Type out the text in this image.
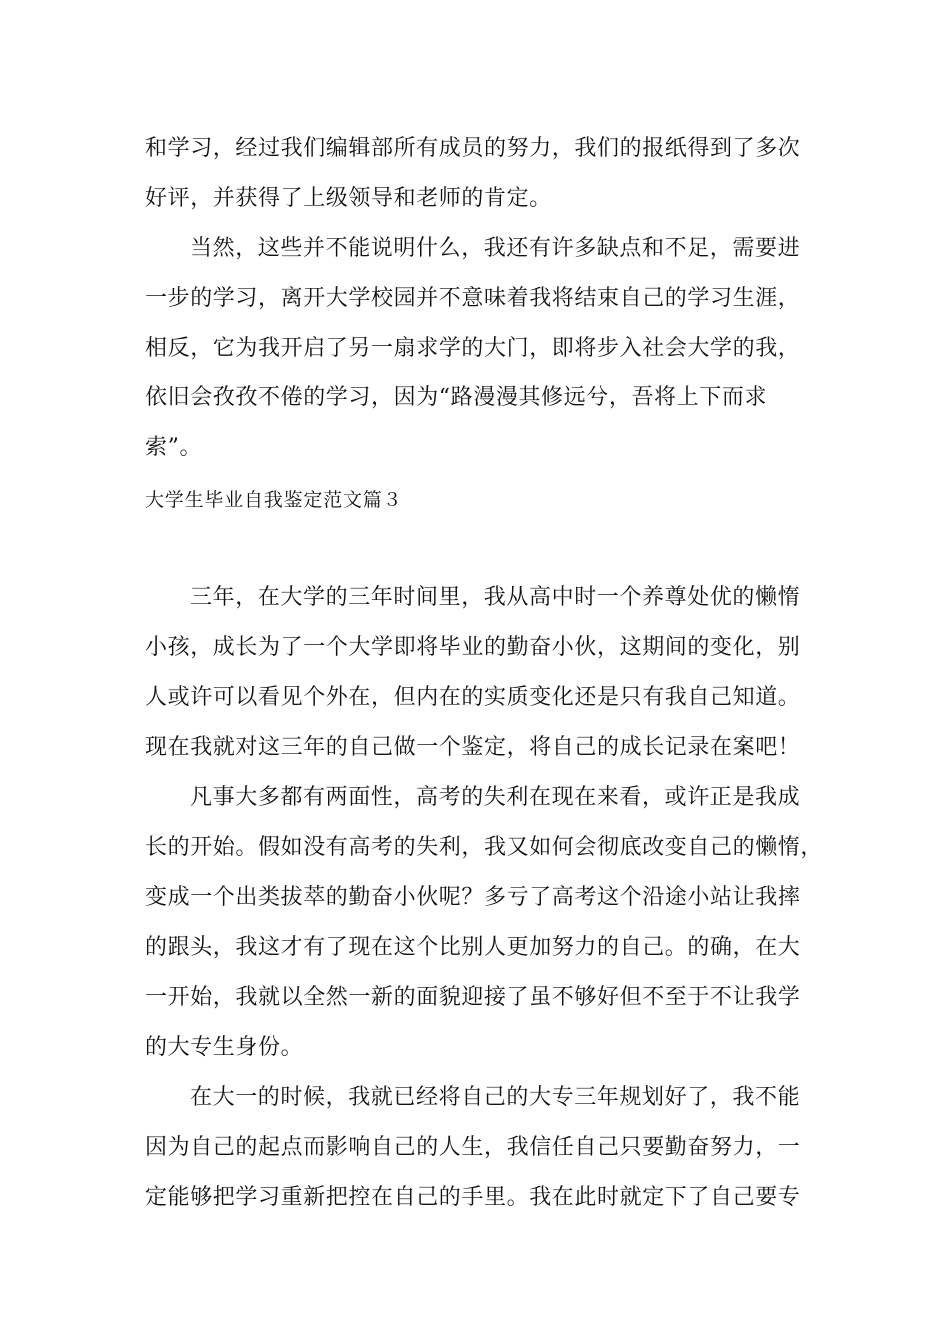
和学习，经过我们编辑部所有成员的努力，我们的报纸得到了多次

好评，并获得了上级领导和老师的肯定。

当然，这些并不能说明什么，我还有许多缺点和不足，需要进

一步的学习，离开大学校园并不意味着我将结束自己的学习生涯，

相反，它为我开启了另一扇求学的大门，即将步入社会大学的我，

依旧会孜孜不倦的学习，因为“路漫漫其修远兮，吾将上下而求

索”。

大学生毕业自我鉴定范文篇３

三年，在大学的三年时间里，我从高中时一个养尊处优的懒惰

小孩，成长为了一个大学即将毕业的勤奋小伙，这期间的变化，别

人或许可以看见个外在，但内在的实质变化还是只有我自己知道。

现在我就对这三年的自己做一个鉴定，将自己的成长记录在案吧！

凡事大多都有两面性，高考的失利在现在来看，或许正是我成

长的开始。假如没有高考的失利，我又如何会彻底改变自己的懒惰，

变成一个出类拔萃的勤奋小伙呢？多亏了高考这个沿途小站让我摔

的跟头，我这才有了现在这个比别人更加努力的自己。的确，在大

一开始，我就以全然一新的面貌迎接了虽不够好但不至于不让我学

的大专生身份。

在大一的时候，我就已经将自己的大专三年规划好了，我不能

因为自己的起点而影响自己的人生，我信任自己只要勤奋努力，一

定能够把学习重新把控在自己的手里。我在此时就定下了自己要专
